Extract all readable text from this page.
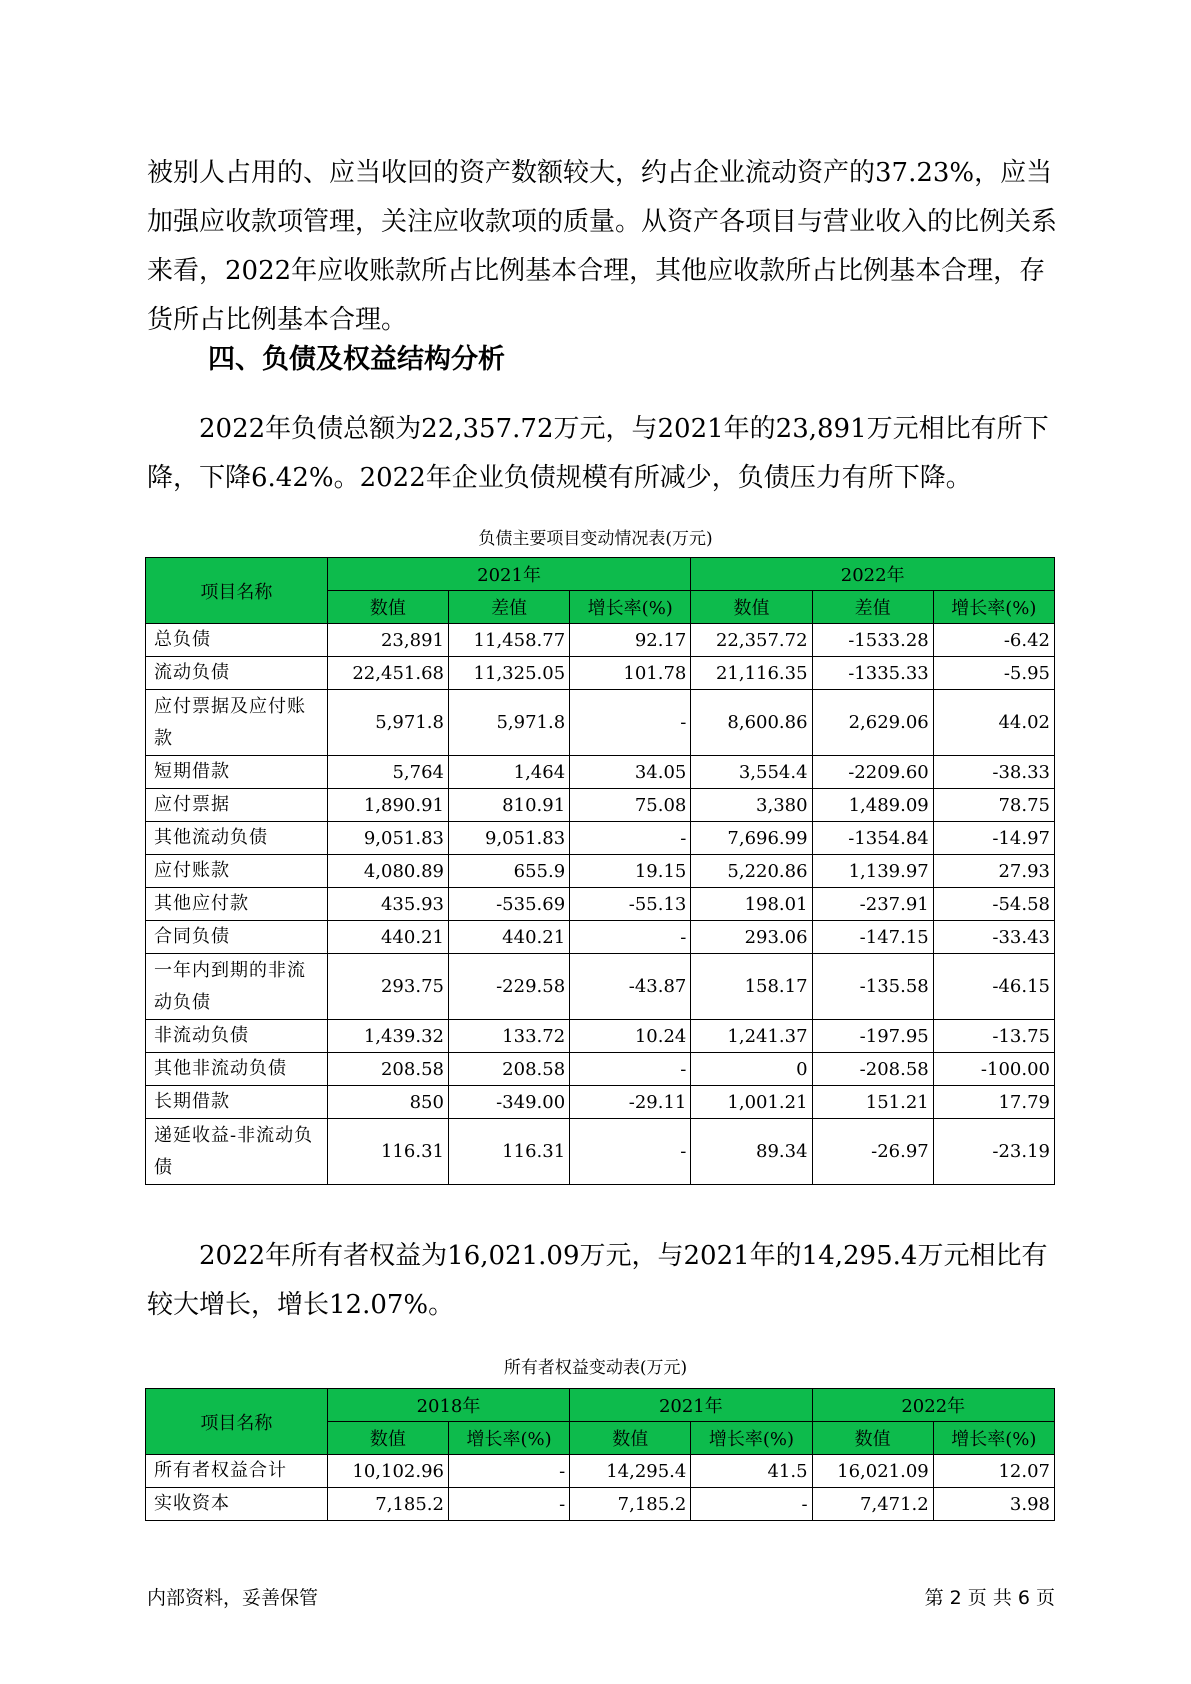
被别人占用的、应当收回的资产数额较大，约占企业流动资产的37.23%，应当加强应收款项管理，关注应收款项的质量。从资产各项目与营业收入的比例关系来看，2022年应收账款所占比例基本合理，其他应收款所占比例基本合理，存货所占比例基本合理。

四、负债及权益结构分析

2022年负债总额为22,357.72万元，与2021年的23,891万元相比有所下降，下降6.42%。2022年企业负债规模有所减少，负债压力有所下降。

负债主要项目变动情况表(万元)

项目名称	2021年			2022年		
	数值	差值	增长率(%)	数值	差值	增长率(%)
总负债	23,891	11,458.77	92.17	22,357.72	-1533.28	-6.42
流动负债	22,451.68	11,325.05	101.78	21,116.35	-1335.33	-5.95
应付票据及应付账款	5,971.8	5,971.8	-	8,600.86	2,629.06	44.02
短期借款	5,764	1,464	34.05	3,554.4	-2209.60	-38.33
应付票据	1,890.91	810.91	75.08	3,380	1,489.09	78.75
其他流动负债	9,051.83	9,051.83	-	7,696.99	-1354.84	-14.97
应付账款	4,080.89	655.9	19.15	5,220.86	1,139.97	27.93
其他应付款	435.93	-535.69	-55.13	198.01	-237.91	-54.58
合同负债	440.21	440.21	-	293.06	-147.15	-33.43
一年内到期的非流动负债	293.75	-229.58	-43.87	158.17	-135.58	-46.15
非流动负债	1,439.32	133.72	10.24	1,241.37	-197.95	-13.75
其他非流动负债	208.58	208.58	-	0	-208.58	-100.00
长期借款	850	-349.00	-29.11	1,001.21	151.21	17.79
递延收益-非流动负债	116.31	116.31	-	89.34	-26.97	-23.19

2022年所有者权益为16,021.09万元，与2021年的14,295.4万元相比有较大增长，增长12.07%。

所有者权益变动表(万元)

项目名称	2018年		2021年		2022年	
	数值	增长率(%)	数值	增长率(%)	数值	增长率(%)
所有者权益合计	10,102.96	-	14,295.4	41.5	16,021.09	12.07
实收资本	7,185.2	-	7,185.2	-	7,471.2	3.98

内部资料，妥善保管	第 2 页 共 6 页
